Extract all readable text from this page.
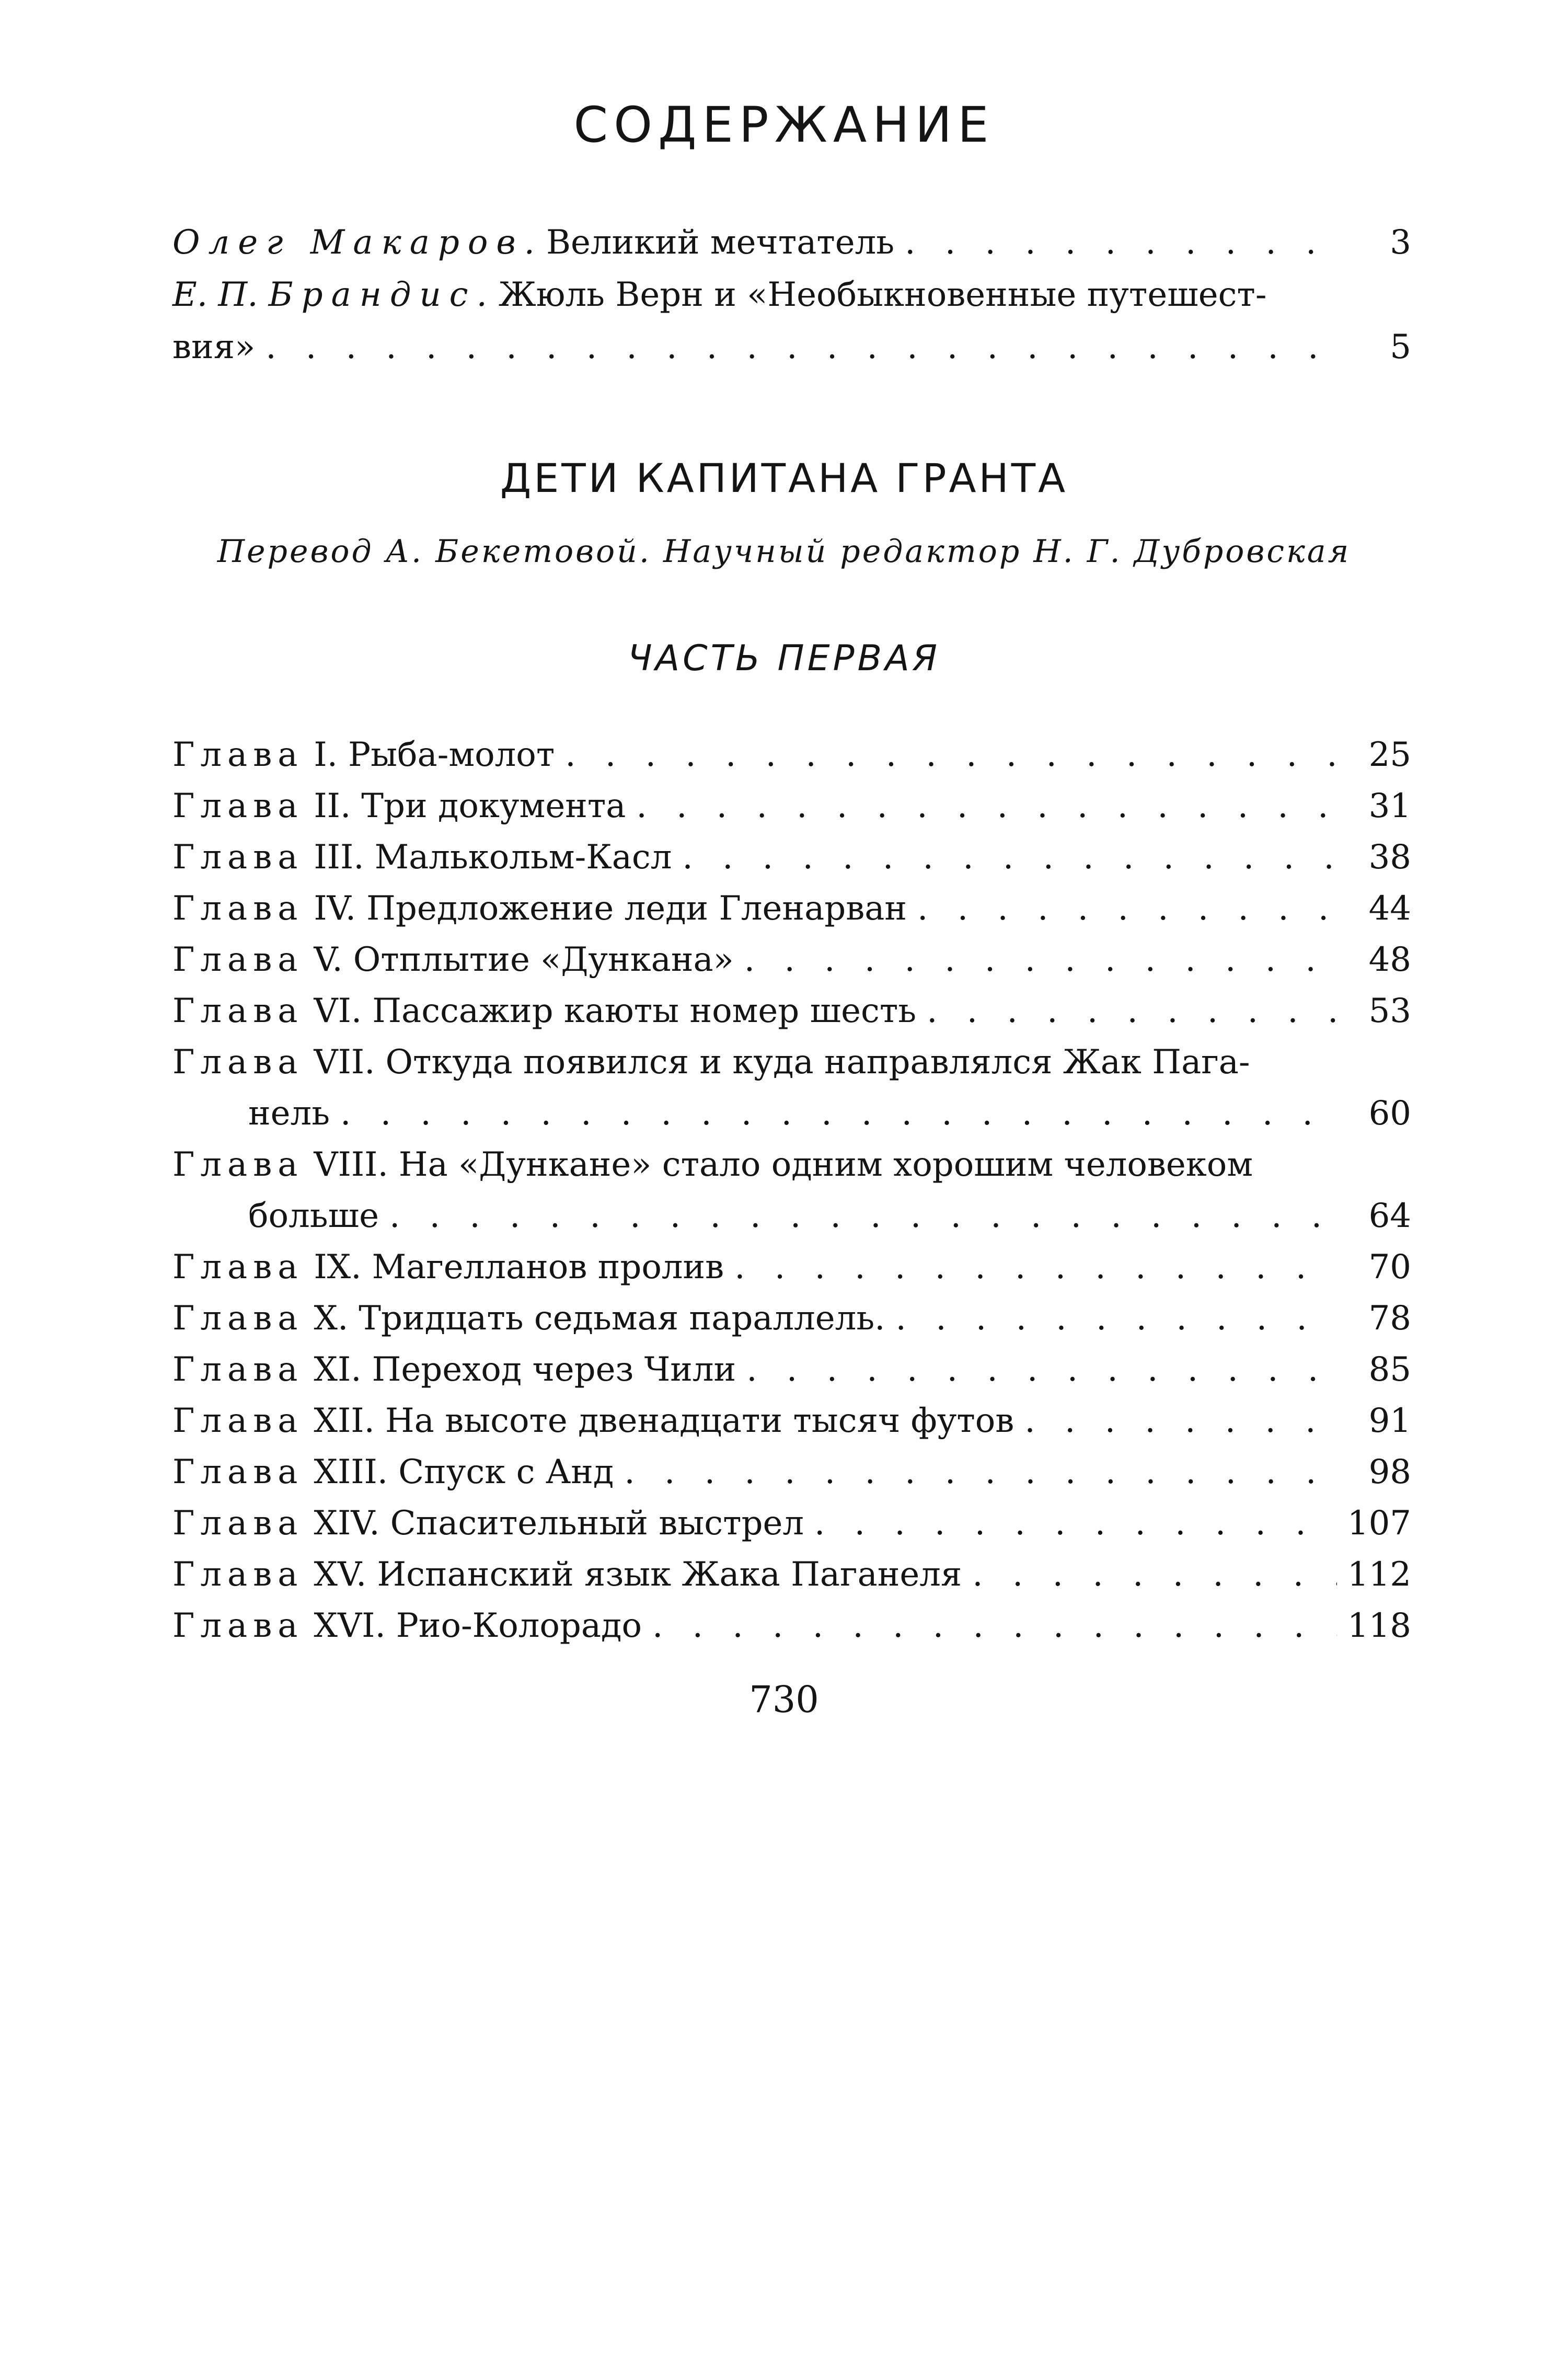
СОДЕРЖАНИЕ
Олег Макаров. Великий мечтатель . . .	3
Е. П. Брандис. Жюль Верн и «Необыкновенные путешест-
вия» . . .	5
ДЕТИ КАПИТАНА ГРАНТА
Перевод А. Бекетовой. Научный редактор Н. Г. Дубровская
ЧАСТЬ ПЕРВАЯ
Глава I. Рыба-молот . . .	25
Глава II. Три документа . . .	31
Глава III. Малькольм-Касл . . .	38
Глава IV. Предложение леди Гленарван . . .	44
Глава V. Отплытие «Дункана» . . .	48
Глава VI. Пассажир каюты номер шесть . . .	53
Глава VII. Откуда появился и куда направлялся Жак Пага-
нель . . .	60
Глава VIII. На «Дункане» стало одним хорошим человеком
больше . . .	64
Глава IX. Магелланов пролив . . .	70
Глава X. Тридцать седьмая параллель. . . .	78
Глава XI. Переход через Чили . . .	85
Глава XII. На высоте двенадцати тысяч футов . . .	91
Глава XIII. Спуск с Анд . . .	98
Глава XIV. Спасительный выстрел . . .	107
Глава XV. Испанский язык Жака Паганеля . . .	112
Глава XVI. Рио-Колорадо . . .	118
730
